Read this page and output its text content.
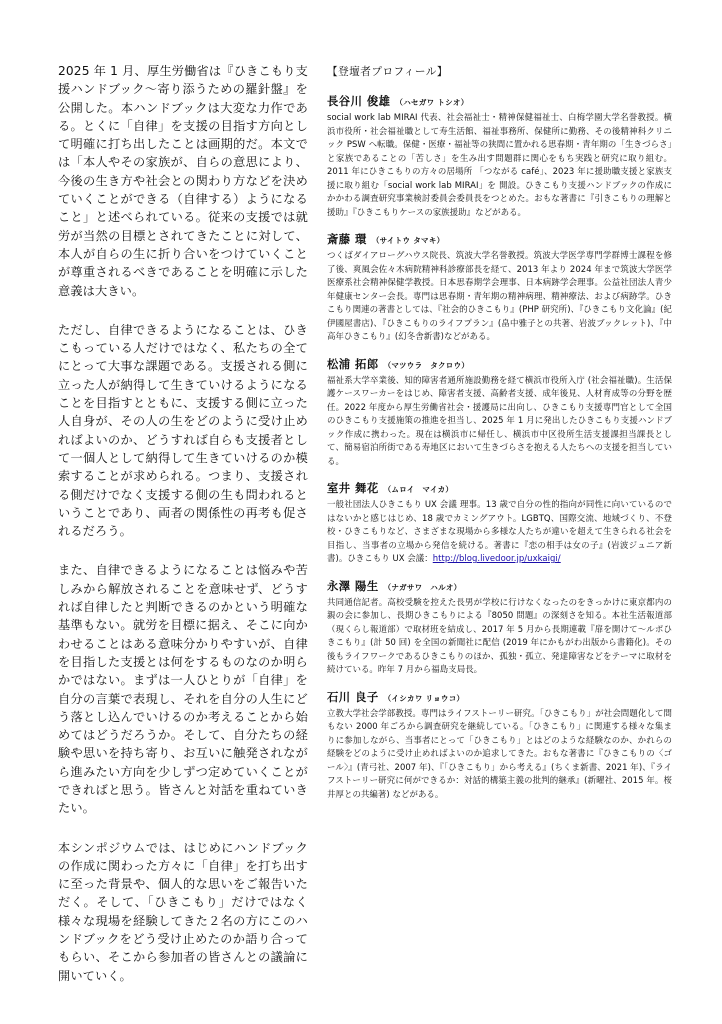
2025 年 1 月、厚生労働省は『ひきこもり支援ハンドブック〜寄り添うための羅針盤』を公開した。本ハンドブックは大変な力作である。とくに「自律」を支援の目指す方向として明確に打ち出したことは画期的だ。本文では「本人やその家族が、自らの意思により、今後の生き方や社会との関わり方などを決めていくことができる（自律する）ようになること」と述べられている。従来の支援では就労が当然の目標とされてきたことに対して、本人が自らの生に折り合いをつけていくことが尊重されるべきであることを明確に示した意義は大きい。

ただし、自律できるようになることは、ひきこもっている人だけではなく、私たちの全てにとって大事な課題である。支援される側に立った人が納得して生きていけるようになることを目指すとともに、支援する側に立った人自身が、その人の生をどのように受け止めればよいのか、どうすれば自らも支援者として一個人として納得して生きていけるのか模索することが求められる。つまり、支援される側だけでなく支援する側の生も問われるということであり、両者の関係性の再考も促されるだろう。

また、自律できるようになることは悩みや苦しみから解放されることを意味せず、どうすれば自律したと判断できるのかという明確な基準もない。就労を目標に据え、そこに向かわせることはある意味分かりやすいが、自律を目指した支援とは何をするものなのか明らかではない。まずは一人ひとりが「自律」を自分の言葉で表現し、それを自分の人生にどう落とし込んでいけるのか考えることから始めてはどうだろうか。そして、自分たちの経験や思いを持ち寄り、お互いに触発されながら進みたい方向を少しずつ定めていくことができればと思う。皆さんと対話を重ねていきたい。

本シンポジウムでは、はじめにハンドブックの作成に関わった方々に「自律」を打ち出すに至った背景や、個人的な思いをご報告いただく。そして、「ひきこもり」だけではなく様々な現場を経験してきた２名の方にこのハンドブックをどう受け止めたのか語り合ってもらい、そこから参加者の皆さんとの議論に開いていく。

【登壇者プロフィール】
長谷川 俊雄 （ハセガワ トシオ）

social work lab MIRAI 代表、社会福祉士・精神保健福祉士、白梅学園大学名誉教授。横浜市役所・社会福祉職として寿生活館、福祉事務所、保健所に勤務、その後精神科クリニック PSW へ転職。保健・医療・福祉等の狭間に置かれる思春期・青年期の「生きづらさ」と家族であることの「苦しさ」を生み出す問題群に関心をもち実践と研究に取り組む。2011 年にひきこもりの方々の居場所 「つながる café」、2023 年に援助職支援と家族支援に取り組む「social work lab MIRAI」を 開設。ひきこもり支援ハンドブックの作成にかかわる調査研究事業検討委員会委員長をつとめた。おもな著書に『引きこもりの理解と援助』『ひきこもりケースの家族援助』などがある。

斎藤 環 （サイトウ タマキ）

つくばダイアローグハウス院長、筑波大学名誉教授。筑波大学医学専門学群博士課程を修了後、爽風会佐々木病院精神科診療部長を経て、2013 年より 2024 年まで筑波大学医学医療系社会精神保健学教授。日本思春期学会理事、日本病跡学会理事。公益社団法人青少年健康センター会長。専門は思春期・青年期の精神病理、精神療法、および病跡学。ひきこもり関連の著書としては、『社会的ひきこもり』(PHP 研究所)、『ひきこもり文化論』(紀伊國屋書店)、『ひきこもりのライフプラン』(畠中雅子との共著、岩波ブックレット)、『中高年ひきこもり』(幻冬舎新書)などがある。

松浦 拓郎 （マツウラ　タクロウ）

福祉系大学卒業後、知的障害者通所施設勤務を経て横浜市役所入庁 (社会福祉職)。生活保護ケースワーカーをはじめ、障害者支援、高齢者支援、成年後見、人材育成等の分野を歴任。2022 年度から厚生労働省社会・援護局に出向し、ひきこもり支援専門官として全国のひきこもり支援施策の推進を担当し、2025 年 1 月に発出したひきこもり支援ハンドブック作成に携わった。現在は横浜市に帰任し、横浜市中区役所生活支援課担当課長として、簡易宿泊所街である寿地区において生きづらさを抱える人たちへの支援を担当している。

室井 舞花 （ムロイ　マイカ）

一般社団法人ひきこもり UX 会議 理事。13 歳で自分の性的指向が同性に向いているのではないかと感じはじめ、18 歳でカミングアウト。LGBTQ、国際交流、地域づくり、不登校・ひきこもりなど、さまざまな現場から多様な人たちが違いを超えて生きられる社会を目指し、当事者の立場から発信を続ける。著書に『恋の相手は女の子』(岩波ジュニア新書)。ひきこもり UX 会議：http://blog.livedoor.jp/uxkaigi/

永澤 陽生 （ナガサワ　ハルオ）

共同通信記者。高校受験を控えた長男が学校に行けなくなったのをきっかけに東京都内の親の会に参加し、長期ひきこもりによる『8050 問題』の深刻さを知る。本社生活報道部（現くらし報道部）で取材班を結成し、2017 年 5 月から長期連載『扉を開けて〜ルポひきこもり』(計 50 回) を全国の新聞社に配信 (2019 年にかもがわ出版から書籍化)。その後もライフワークであるひきこもりのほか、孤独・孤立、発達障害などをテーマに取材を続けている。昨年 7 月から福島支局長。

石川 良子 （イシカワ リョウコ）

立教大学社会学部教授。専門はライフストーリー研究。「ひきこもり」が社会問題化して間もない 2000 年ごろから調査研究を継続している。「ひきこもり」に関連する様々な集まりに参加しながら、当事者にとって「ひきこもり」とはどのような経験なのか、かれらの経験をどのように受け止めればよいのか追求してきた。おもな著書に『ひきこもりの〈ゴール〉』(青弓社、2007 年)、『「ひきこもり」から考える』(ちくま新書、2021 年)、『ライフストーリー研究に何ができるか：対話的構築主義の批判的継承』(新曜社、2015 年。桜井厚との共編著) などがある。
